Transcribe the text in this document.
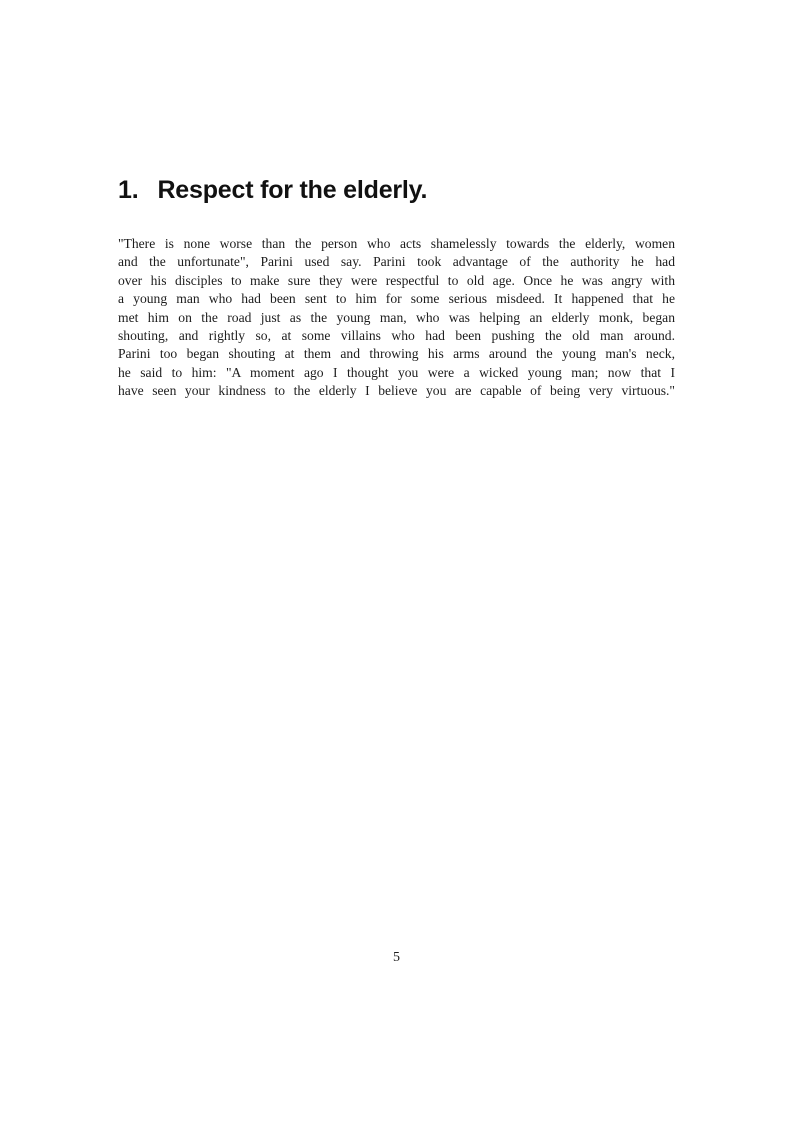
1. Respect for the elderly.
"There is none worse than the person who acts shamelessly towards the elderly, women
and the unfortunate", Parini used say. Parini took advantage of the authority he had
over his disciples to make sure they were respectful to old age. Once he was angry with
a young man who had been sent to him for some serious misdeed. It happened that he
met him on the road just as the young man, who was helping an elderly monk, began
shouting, and rightly so, at some villains who had been pushing the old man around.
Parini too began shouting at them and throwing his arms around the young man's neck,
he said to him: "A moment ago I thought you were a wicked young man; now that I
have seen your kindness to the elderly I believe you are capable of being very virtuous."
5
